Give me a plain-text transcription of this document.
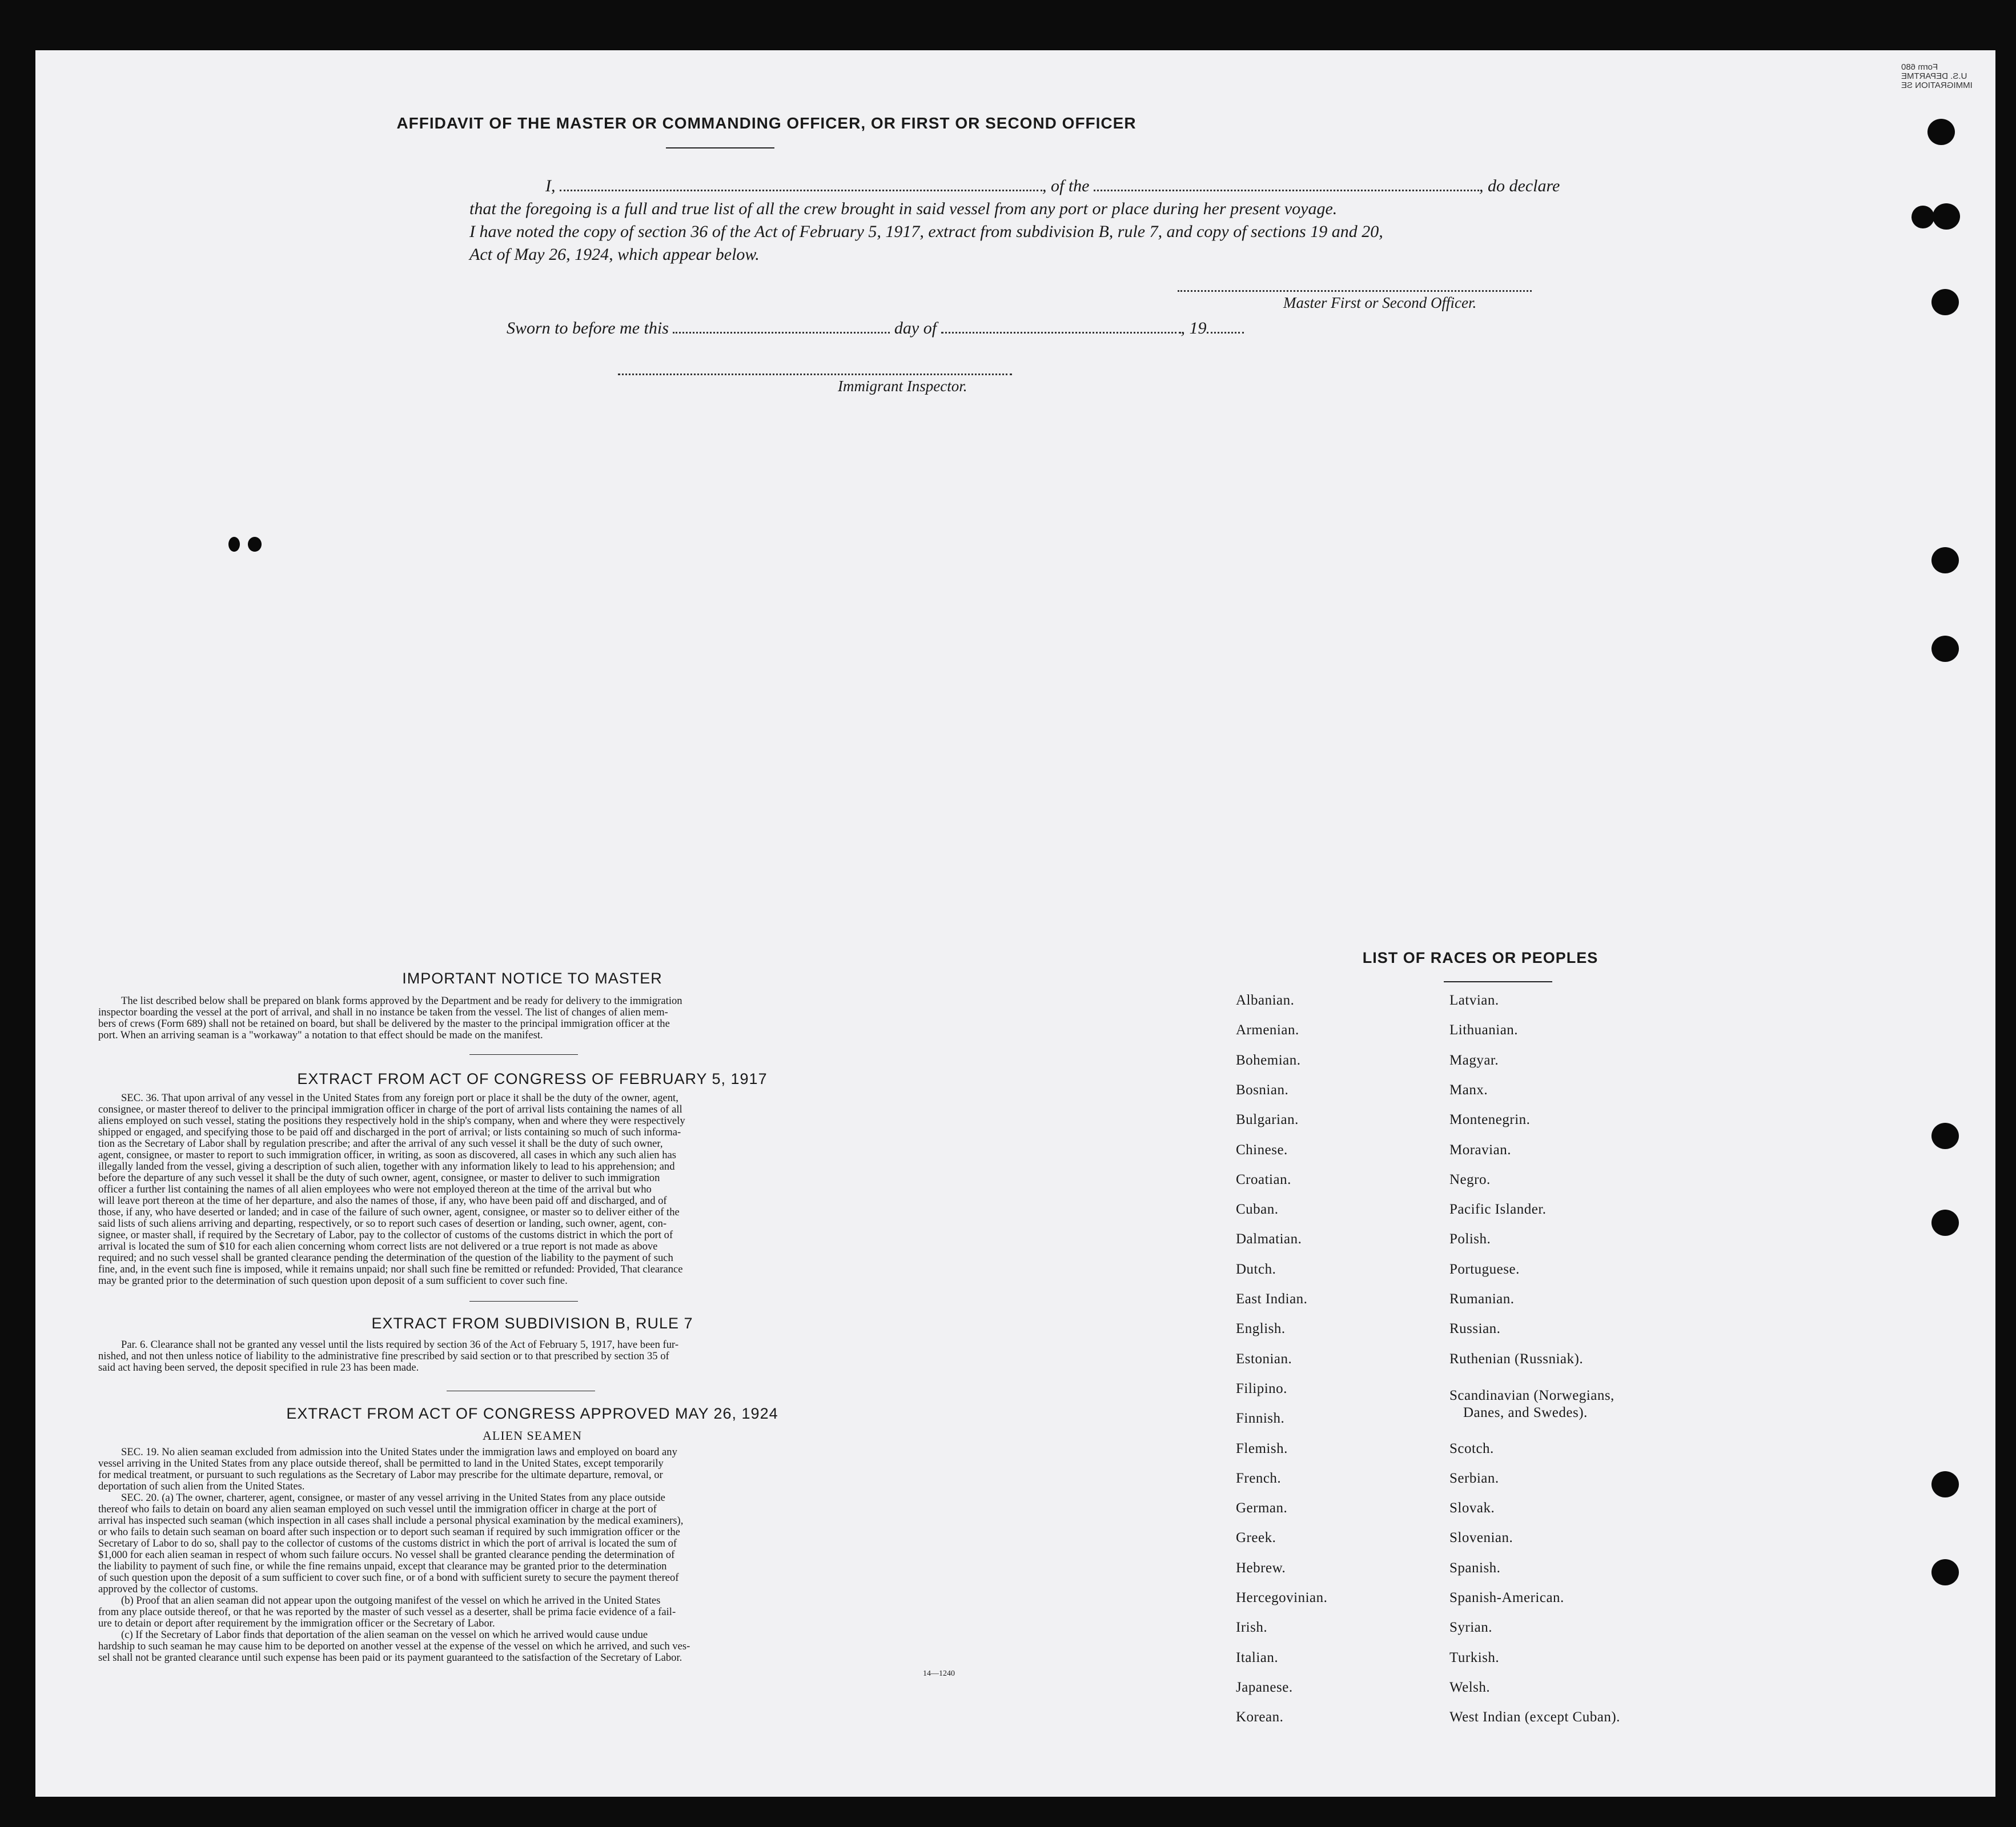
Form 680
U.S. DEPARTME
IMMIGRATION SE
AFFIDAVIT OF THE MASTER OR COMMANDING OFFICER, OR FIRST OR SECOND OFFICER
I,	, of the	, do declare
that the foregoing is a full and true list of all the crew brought in said vessel from any port or place during her present voyage.
I have noted the copy of section 36 of the Act of February 5, 1917, extract from subdivision B, rule 7, and copy of sections 19 and 20,
Act of May 26, 1924, which appear below.
Master First or Second Officer.
Sworn to before me this	day of	, 19
Immigrant Inspector.
IMPORTANT NOTICE TO MASTER
The list described below shall be prepared on blank forms approved by the Department and be ready for delivery to the immigration
inspector boarding the vessel at the port of arrival, and shall in no instance be taken from the vessel. The list of changes of alien mem-
bers of crews (Form 689) shall not be retained on board, but shall be delivered by the master to the principal immigration officer at the
port. When an arriving seaman is a "workaway" a notation to that effect should be made on the manifest.
EXTRACT FROM ACT OF CONGRESS OF FEBRUARY 5, 1917
SEC. 36. That upon arrival of any vessel in the United States from any foreign port or place it shall be the duty of the owner, agent,
consignee, or master thereof to deliver to the principal immigration officer in charge of the port of arrival lists containing the names of all
aliens employed on such vessel, stating the positions they respectively hold in the ship's company, when and where they were respectively
shipped or engaged, and specifying those to be paid off and discharged in the port of arrival; or lists containing so much of such informa-
tion as the Secretary of Labor shall by regulation prescribe; and after the arrival of any such vessel it shall be the duty of such owner,
agent, consignee, or master to report to such immigration officer, in writing, as soon as discovered, all cases in which any such alien has
illegally landed from the vessel, giving a description of such alien, together with any information likely to lead to his apprehension; and
before the departure of any such vessel it shall be the duty of such owner, agent, consignee, or master to deliver to such immigration
officer a further list containing the names of all alien employees who were not employed thereon at the time of the arrival but who
will leave port thereon at the time of her departure, and also the names of those, if any, who have been paid off and discharged, and of
those, if any, who have deserted or landed; and in case of the failure of such owner, agent, consignee, or master so to deliver either of the
said lists of such aliens arriving and departing, respectively, or so to report such cases of desertion or landing, such owner, agent, con-
signee, or master shall, if required by the Secretary of Labor, pay to the collector of customs of the customs district in which the port of
arrival is located the sum of $10 for each alien concerning whom correct lists are not delivered or a true report is not made as above
required; and no such vessel shall be granted clearance pending the determination of the question of the liability to the payment of such
fine, and, in the event such fine is imposed, while it remains unpaid; nor shall such fine be remitted or refunded: Provided, That clearance
may be granted prior to the determination of such question upon deposit of a sum sufficient to cover such fine.
EXTRACT FROM SUBDIVISION B, RULE 7
Par. 6. Clearance shall not be granted any vessel until the lists required by section 36 of the Act of February 5, 1917, have been fur-
nished, and not then unless notice of liability to the administrative fine prescribed by said section or to that prescribed by section 35 of
said act having been served, the deposit specified in rule 23 has been made.
EXTRACT FROM ACT OF CONGRESS APPROVED MAY 26, 1924
ALIEN SEAMEN
SEC. 19. No alien seaman excluded from admission into the United States under the immigration laws and employed on board any
vessel arriving in the United States from any place outside thereof, shall be permitted to land in the United States, except temporarily
for medical treatment, or pursuant to such regulations as the Secretary of Labor may prescribe for the ultimate departure, removal, or
deportation of such alien from the United States.
SEC. 20. (a) The owner, charterer, agent, consignee, or master of any vessel arriving in the United States from any place outside
thereof who fails to detain on board any alien seaman employed on such vessel until the immigration officer in charge at the port of
arrival has inspected such seaman (which inspection in all cases shall include a personal physical examination by the medical examiners),
or who fails to detain such seaman on board after such inspection or to deport such seaman if required by such immigration officer or the
Secretary of Labor to do so, shall pay to the collector of customs of the customs district in which the port of arrival is located the sum of
$1,000 for each alien seaman in respect of whom such failure occurs. No vessel shall be granted clearance pending the determination of
the liability to payment of such fine, or while the fine remains unpaid, except that clearance may be granted prior to the determination
of such question upon the deposit of a sum sufficient to cover such fine, or of a bond with sufficient surety to secure the payment thereof
approved by the collector of customs.
(b) Proof that an alien seaman did not appear upon the outgoing manifest of the vessel on which he arrived in the United States
from any place outside thereof, or that he was reported by the master of such vessel as a deserter, shall be prima facie evidence of a fail-
ure to detain or deport after requirement by the immigration officer or the Secretary of Labor.
(c) If the Secretary of Labor finds that deportation of the alien seaman on the vessel on which he arrived would cause undue
hardship to such seaman he may cause him to be deported on another vessel at the expense of the vessel on which he arrived, and such ves-
sel shall not be granted clearance until such expense has been paid or its payment guaranteed to the satisfaction of the Secretary of Labor.
14—1240
LIST OF RACES OR PEOPLES
Albanian.
Armenian.
Bohemian.
Bosnian.
Bulgarian.
Chinese.
Croatian.
Cuban.
Dalmatian.
Dutch.
East Indian.
English.
Estonian.
Filipino.
Finnish.
Flemish.
French.
German.
Greek.
Hebrew.
Hercegovinian.
Irish.
Italian.
Japanese.
Korean.
Latvian.
Lithuanian.
Magyar.
Manx.
Montenegrin.
Moravian.
Negro.
Pacific Islander.
Polish.
Portuguese.
Rumanian.
Russian.
Ruthenian (Russniak).
Scandinavian (Norwegians,
Danes, and Swedes).
Scotch.
Serbian.
Slovak.
Slovenian.
Spanish.
Spanish-American.
Syrian.
Turkish.
Welsh.
West Indian (except Cuban).
